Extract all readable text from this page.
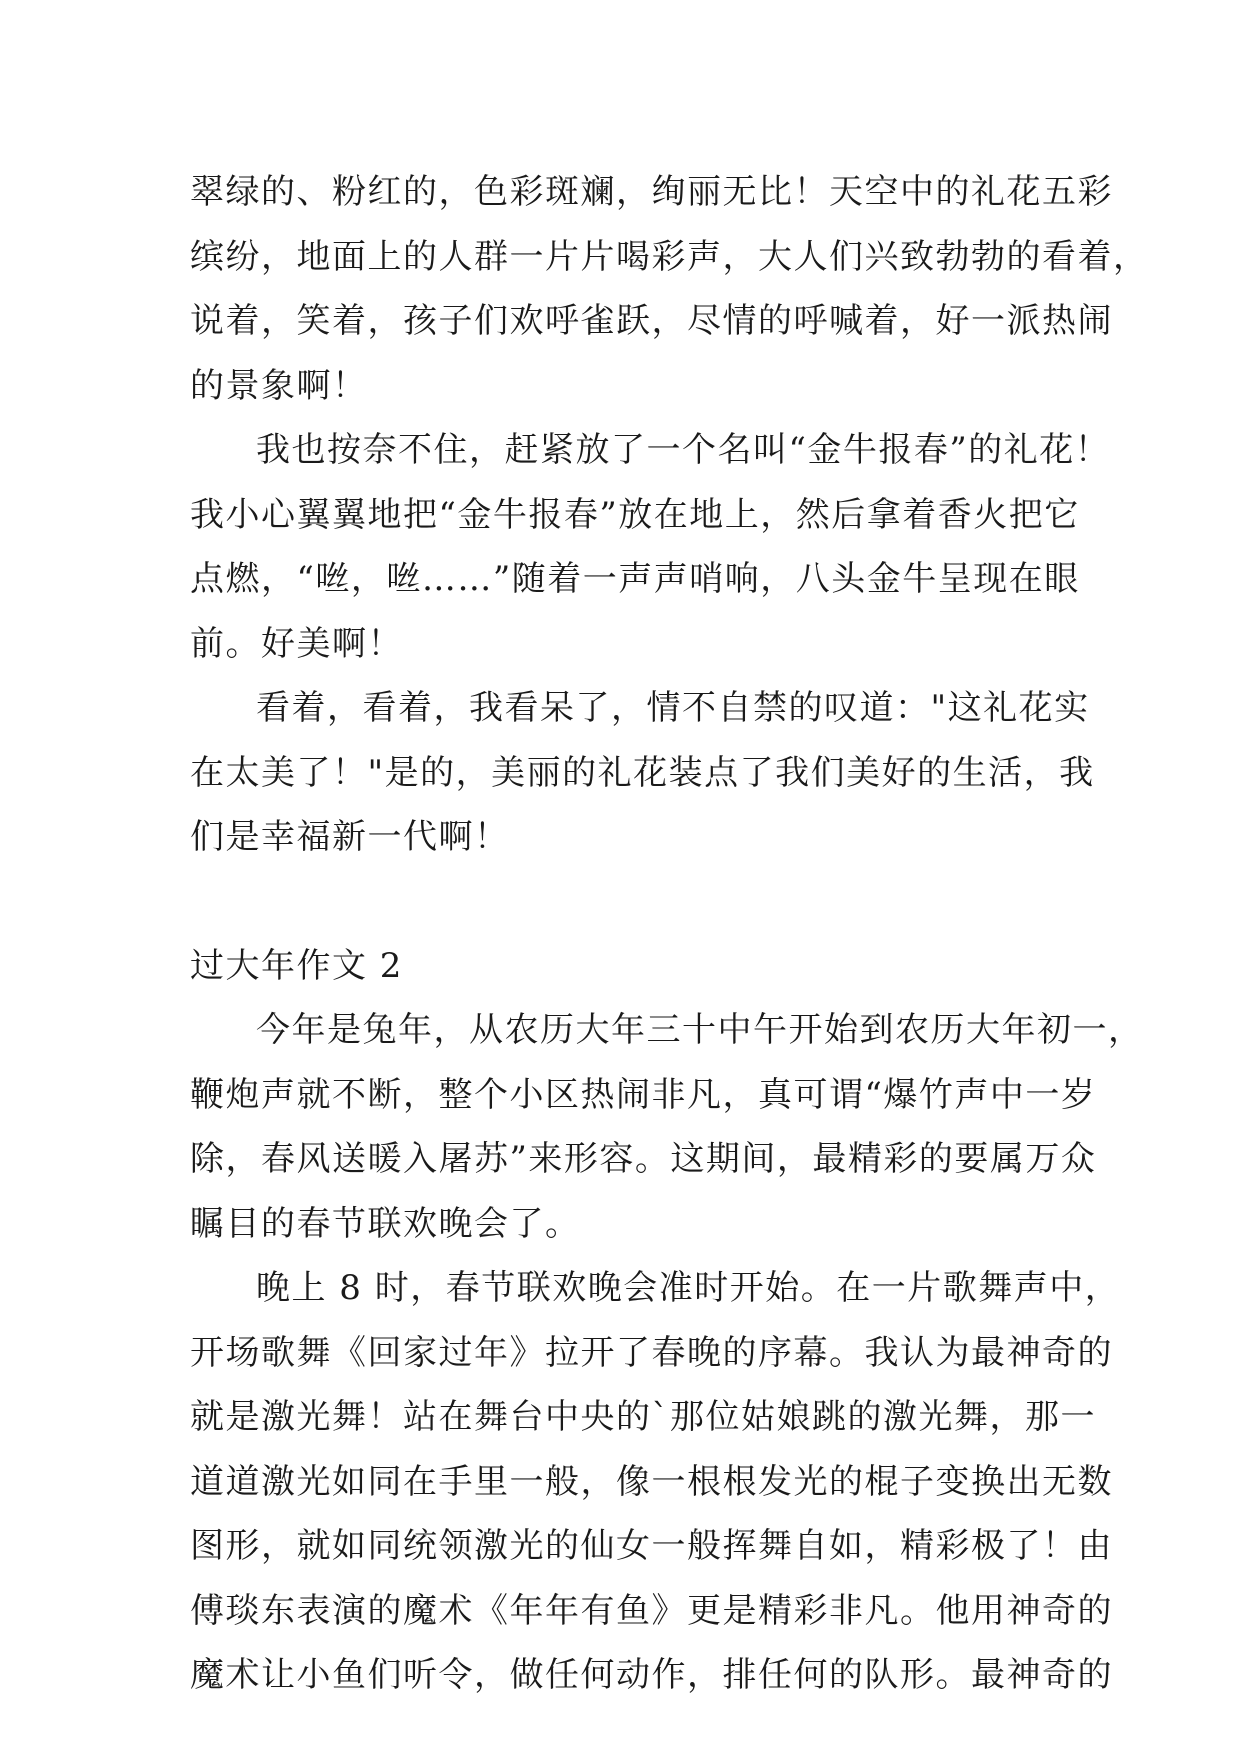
翠绿的、粉红的，色彩斑斓，绚丽无比！天空中的礼花五彩
缤纷，地面上的人群一片片喝彩声，大人们兴致勃勃的看着，
说着，笑着，孩子们欢呼雀跃，尽情的呼喊着，好一派热闹
的景象啊！
我也按奈不住，赶紧放了一个名叫“金牛报春”的礼花！
我小心翼翼地把“金牛报春”放在地上，然后拿着香火把它
点燃，“咝，咝……”随着一声声哨响，八头金牛呈现在眼
前。好美啊！
看着，看着，我看呆了，情不自禁的叹道："这礼花实
在太美了！"是的，美丽的礼花装点了我们美好的生活，我
们是幸福新一代啊！
过大年作文 2
今年是兔年，从农历大年三十中午开始到农历大年初一，
鞭炮声就不断，整个小区热闹非凡，真可谓“爆竹声中一岁
除，春风送暖入屠苏”来形容。这期间，最精彩的要属万众
瞩目的春节联欢晚会了。
晚上 8 时，春节联欢晚会准时开始。在一片歌舞声中，
开场歌舞《回家过年》拉开了春晚的序幕。我认为最神奇的
就是激光舞！站在舞台中央的`那位姑娘跳的激光舞，那一
道道激光如同在手里一般，像一根根发光的棍子变换出无数
图形，就如同统领激光的仙女一般挥舞自如，精彩极了！由
傅琰东表演的魔术《年年有鱼》更是精彩非凡。他用神奇的
魔术让小鱼们听令，做任何动作，排任何的队形。最神奇的
